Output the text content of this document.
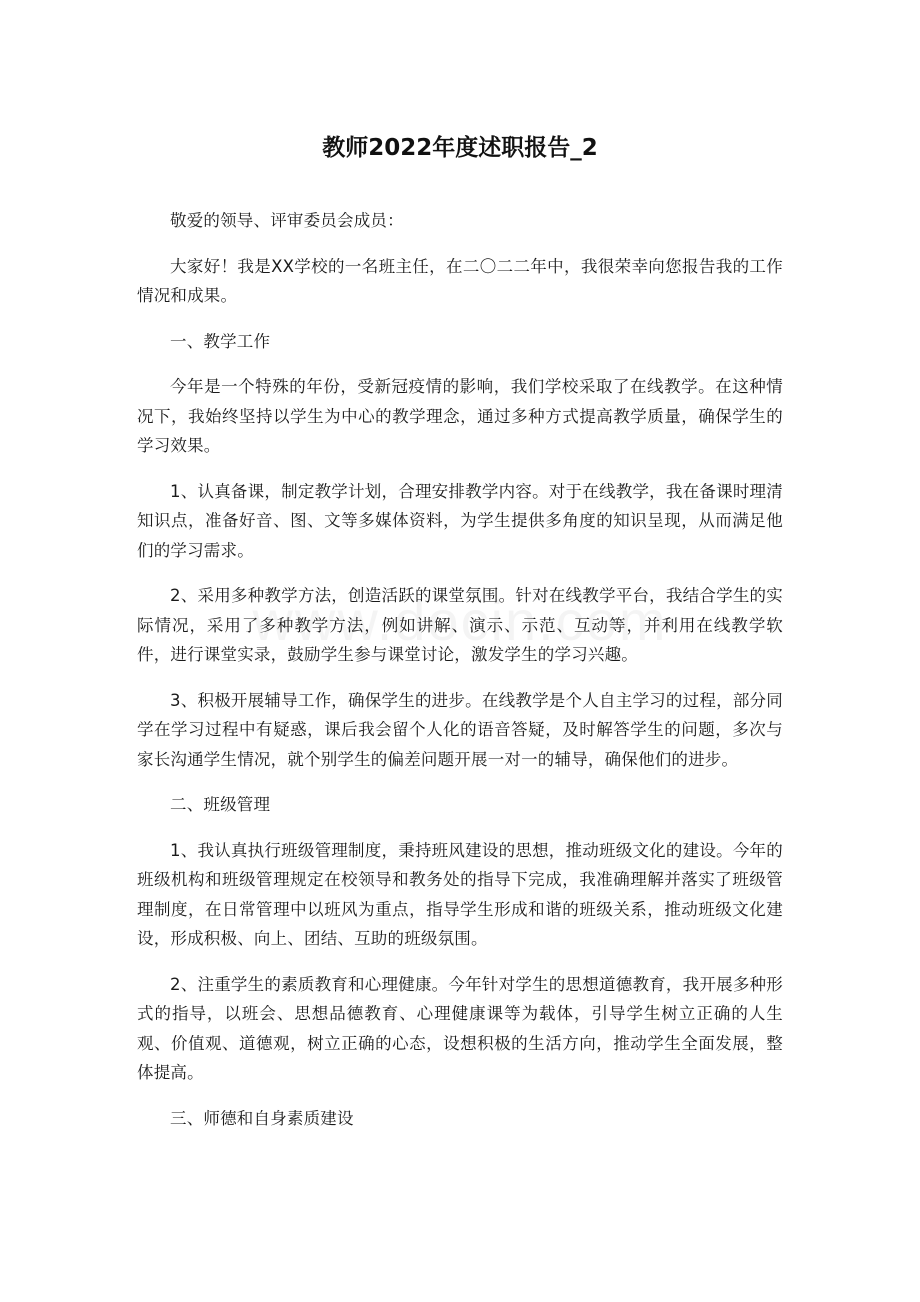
教师2022年度述职报告_2

敬爱的领导、评审委员会成员：

大家好！我是XX学校的一名班主任，在二〇二二年中，我很荣幸向您报告我的工作情况和成果。

一、教学工作

今年是一个特殊的年份，受新冠疫情的影响，我们学校采取了在线教学。在这种情况下，我始终坚持以学生为中心的教学理念，通过多种方式提高教学质量，确保学生的学习效果。

1、认真备课，制定教学计划，合理安排教学内容。对于在线教学，我在备课时理清知识点，准备好音、图、文等多媒体资料，为学生提供多角度的知识呈现，从而满足他们的学习需求。

2、采用多种教学方法，创造活跃的课堂氛围。针对在线教学平台，我结合学生的实际情况，采用了多种教学方法，例如讲解、演示、示范、互动等，并利用在线教学软件，进行课堂实录，鼓励学生参与课堂讨论，激发学生的学习兴趣。

3、积极开展辅导工作，确保学生的进步。在线教学是个人自主学习的过程，部分同学在学习过程中有疑惑，课后我会留个人化的语音答疑，及时解答学生的问题，多次与家长沟通学生情况，就个别学生的偏差问题开展一对一的辅导，确保他们的进步。

二、班级管理

1、我认真执行班级管理制度，秉持班风建设的思想，推动班级文化的建设。今年的班级机构和班级管理规定在校领导和教务处的指导下完成，我准确理解并落实了班级管理制度，在日常管理中以班风为重点，指导学生形成和谐的班级关系，推动班级文化建设，形成积极、向上、团结、互助的班级氛围。

2、注重学生的素质教育和心理健康。今年针对学生的思想道德教育，我开展多种形式的指导，以班会、思想品德教育、心理健康课等为载体，引导学生树立正确的人生观、价值观、道德观，树立正确的心态，设想积极的生活方向，推动学生全面发展，整体提高。

三、师德和自身素质建设
